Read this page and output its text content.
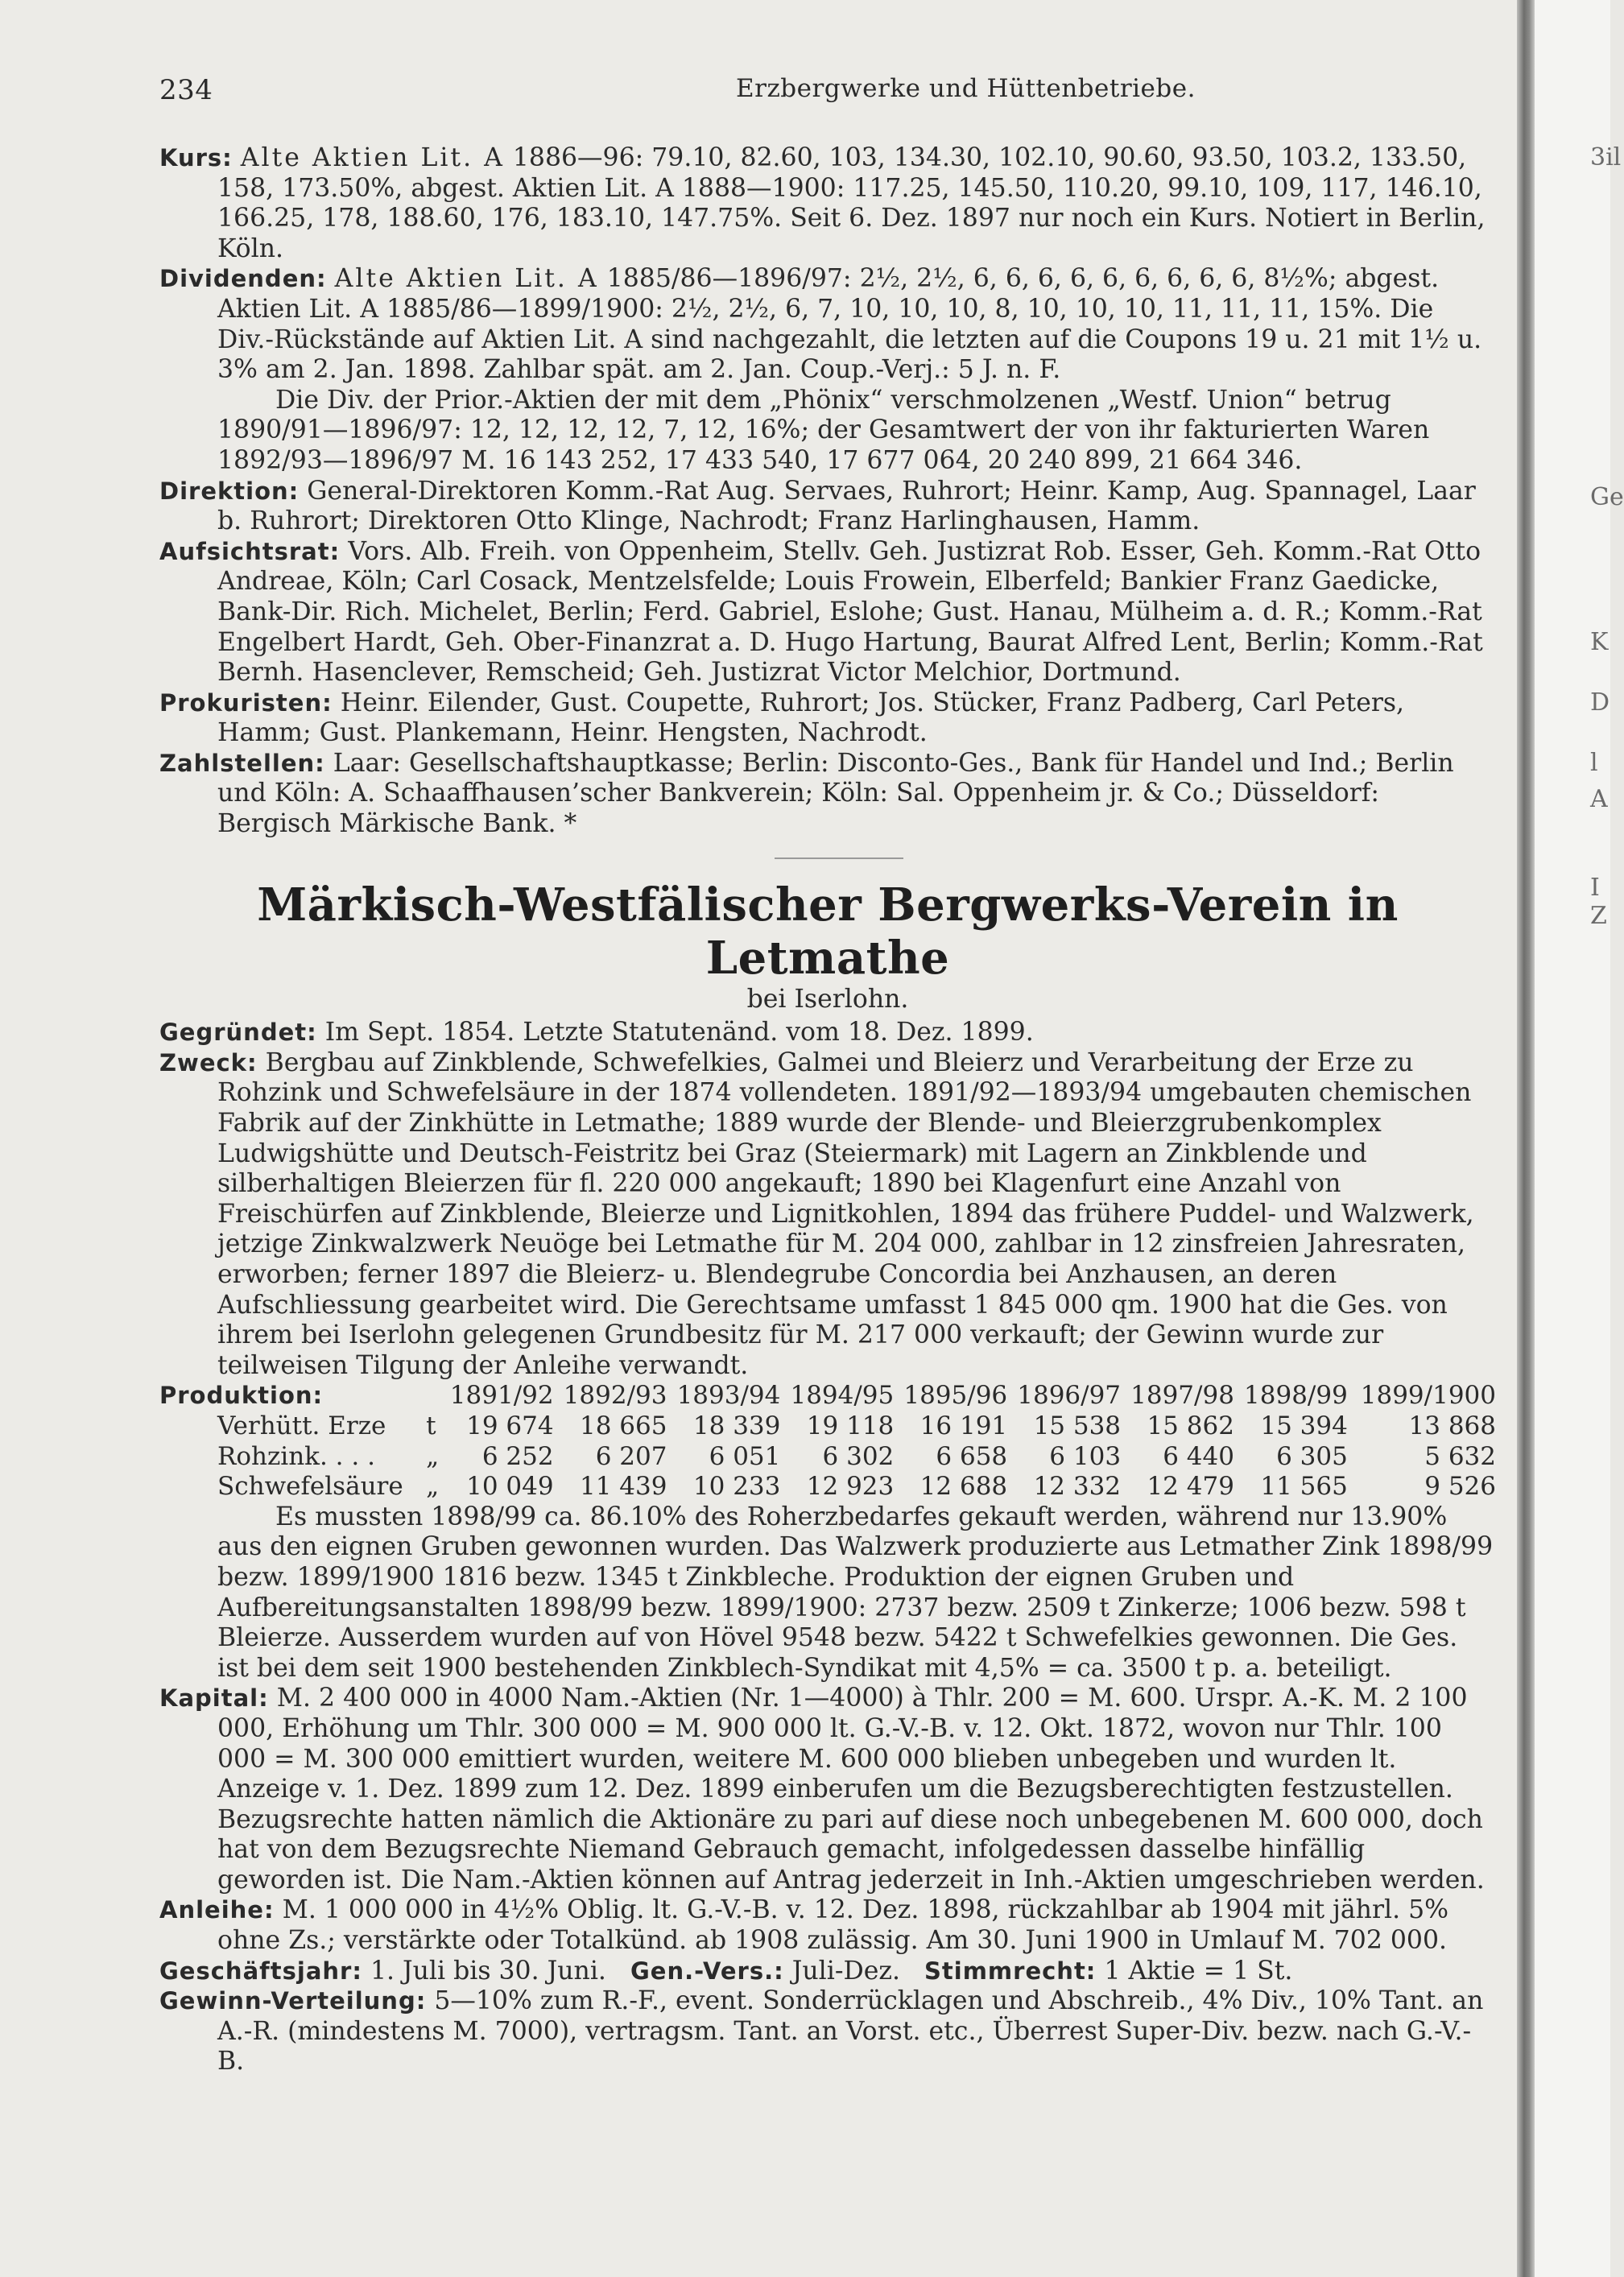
3il
Ge
K
D
l
A
I
Z
234	Erzbergwerke und Hüttenbetriebe.

Kurs: Alte Aktien Lit. A 1886—96: 79.10, 82.60, 103, 134.30, 102.10, 90.60, 93.50, 103.2, 133.50, 158, 173.50%, abgest. Aktien Lit. A 1888—1900: 117.25, 145.50, 110.20, 99.10, 109, 117, 146.10, 166.25, 178, 188.60, 176, 183.10, 147.75%. Seit 6. Dez. 1897 nur noch ein Kurs. Notiert in Berlin, Köln.

Dividenden: Alte Aktien Lit. A 1885/86—1896/97: 2½, 2½, 6, 6, 6, 6, 6, 6, 6, 6, 6, 8½%; abgest. Aktien Lit. A 1885/86—1899/1900: 2½, 2½, 6, 7, 10, 10, 10, 8, 10, 10, 10, 11, 11, 11, 15%. Die Div.-Rückstände auf Aktien Lit. A sind nachgezahlt, die letzten auf die Coupons 19 u. 21 mit 1½ u. 3% am 2. Jan. 1898. Zahlbar spät. am 2. Jan. Coup.-Verj.: 5 J. n. F.

Die Div. der Prior.-Aktien der mit dem „Phönix“ verschmolzenen „Westf. Union“ betrug 1890/91—1896/97: 12, 12, 12, 12, 7, 12, 16%; der Gesamtwert der von ihr fakturierten Waren 1892/93—1896/97 M. 16 143 252, 17 433 540, 17 677 064, 20 240 899, 21 664 346.

Direktion: General-Direktoren Komm.-Rat Aug. Servaes, Ruhrort; Heinr. Kamp, Aug. Spannagel, Laar b. Ruhrort; Direktoren Otto Klinge, Nachrodt; Franz Harlinghausen, Hamm.

Aufsichtsrat: Vors. Alb. Freih. von Oppenheim, Stellv. Geh. Justizrat Rob. Esser, Geh. Komm.-Rat Otto Andreae, Köln; Carl Cosack, Mentzelsfelde; Louis Frowein, Elberfeld; Bankier Franz Gaedicke, Bank-Dir. Rich. Michelet, Berlin; Ferd. Gabriel, Eslohe; Gust. Hanau, Mülheim a. d. R.; Komm.-Rat Engelbert Hardt, Geh. Ober-Finanzrat a. D. Hugo Hartung, Baurat Alfred Lent, Berlin; Komm.-Rat Bernh. Hasenclever, Remscheid; Geh. Justizrat Victor Melchior, Dortmund.

Prokuristen: Heinr. Eilender, Gust. Coupette, Ruhrort; Jos. Stücker, Franz Padberg, Carl Peters, Hamm; Gust. Plankemann, Heinr. Hengsten, Nachrodt.

Zahlstellen: Laar: Gesellschaftshauptkasse; Berlin: Disconto-Ges., Bank für Handel und Ind.; Berlin und Köln: A. Schaaffhausen’scher Bankverein; Köln: Sal. Oppenheim jr. & Co.; Düsseldorf: Bergisch Märkische Bank. *

Märkisch-Westfälischer Bergwerks-Verein in Letmathe

bei Iserlohn.

Gegründet: Im Sept. 1854. Letzte Statutenänd. vom 18. Dez. 1899.

Zweck: Bergbau auf Zinkblende, Schwefelkies, Galmei und Bleierz und Verarbeitung der Erze zu Rohzink und Schwefelsäure in der 1874 vollendeten. 1891/92—1893/94 umgebauten chemischen Fabrik auf der Zinkhütte in Letmathe; 1889 wurde der Blende- und Bleierzgrubenkomplex Ludwigshütte und Deutsch-Feistritz bei Graz (Steiermark) mit Lagern an Zinkblende und silberhaltigen Bleierzen für fl. 220 000 angekauft; 1890 bei Klagenfurt eine Anzahl von Freischürfen auf Zinkblende, Bleierze und Lignitkohlen, 1894 das frühere Puddel- und Walzwerk, jetzige Zinkwalzwerk Neuöge bei Letmathe für M. 204 000, zahlbar in 12 zinsfreien Jahresraten, erworben; ferner 1897 die Bleierz- u. Blendegrube Concordia bei Anzhausen, an deren Aufschliessung gearbeitet wird. Die Gerechtsame umfasst 1 845 000 qm. 1900 hat die Ges. von ihrem bei Iserlohn gelegenen Grundbesitz für M. 217 000 verkauft; der Gewinn wurde zur teilweisen Tilgung der Anleihe verwandt.

Produktion:		1891/92	1892/93	1893/94	1894/95	1895/96	1896/97	1897/98	1898/99	1899/1900
Verhütt. Erze	t	19 674	18 665	18 339	19 118	16 191	15 538	15 862	15 394	13 868
Rohzink. . . .	„	6 252	6 207	6 051	6 302	6 658	6 103	6 440	6 305	5 632
Schwefelsäure	„	10 049	11 439	10 233	12 923	12 688	12 332	12 479	11 565	9 526

Es mussten 1898/99 ca. 86.10% des Roherzbedarfes gekauft werden, während nur 13.90% aus den eignen Gruben gewonnen wurden. Das Walzwerk produzierte aus Letmather Zink 1898/99 bezw. 1899/1900 1816 bezw. 1345 t Zinkbleche. Produktion der eignen Gruben und Aufbereitungsanstalten 1898/99 bezw. 1899/1900: 2737 bezw. 2509 t Zinkerze; 1006 bezw. 598 t Bleierze. Ausserdem wurden auf von Hövel 9548 bezw. 5422 t Schwefelkies gewonnen. Die Ges. ist bei dem seit 1900 bestehenden Zinkblech-Syndikat mit 4,5% = ca. 3500 t p. a. beteiligt.

Kapital: M. 2 400 000 in 4000 Nam.-Aktien (Nr. 1—4000) à Thlr. 200 = M. 600. Urspr. A.-K. M. 2 100 000, Erhöhung um Thlr. 300 000 = M. 900 000 lt. G.-V.-B. v. 12. Okt. 1872, wovon nur Thlr. 100 000 = M. 300 000 emittiert wurden, weitere M. 600 000 blieben unbegeben und wurden lt. Anzeige v. 1. Dez. 1899 zum 12. Dez. 1899 einberufen um die Bezugsberechtigten festzustellen. Bezugsrechte hatten nämlich die Aktionäre zu pari auf diese noch unbegebenen M. 600 000, doch hat von dem Bezugsrechte Niemand Gebrauch gemacht, infolgedessen dasselbe hinfällig geworden ist. Die Nam.-Aktien können auf Antrag jederzeit in Inh.-Aktien umgeschrieben werden.

Anleihe: M. 1 000 000 in 4½% Oblig. lt. G.-V.-B. v. 12. Dez. 1898, rückzahlbar ab 1904 mit jährl. 5% ohne Zs.; verstärkte oder Totalkünd. ab 1908 zulässig. Am 30. Juni 1900 in Umlauf M. 702 000.

Geschäftsjahr: 1. Juli bis 30. Juni. Gen.-Vers.: Juli-Dez. Stimmrecht: 1 Aktie = 1 St.

Gewinn-Verteilung: 5—10% zum R.-F., event. Sonderrücklagen und Abschreib., 4% Div., 10% Tant. an A.-R. (mindestens M. 7000), vertragsm. Tant. an Vorst. etc., Überrest Super-Div. bezw. nach G.-V.-B.
